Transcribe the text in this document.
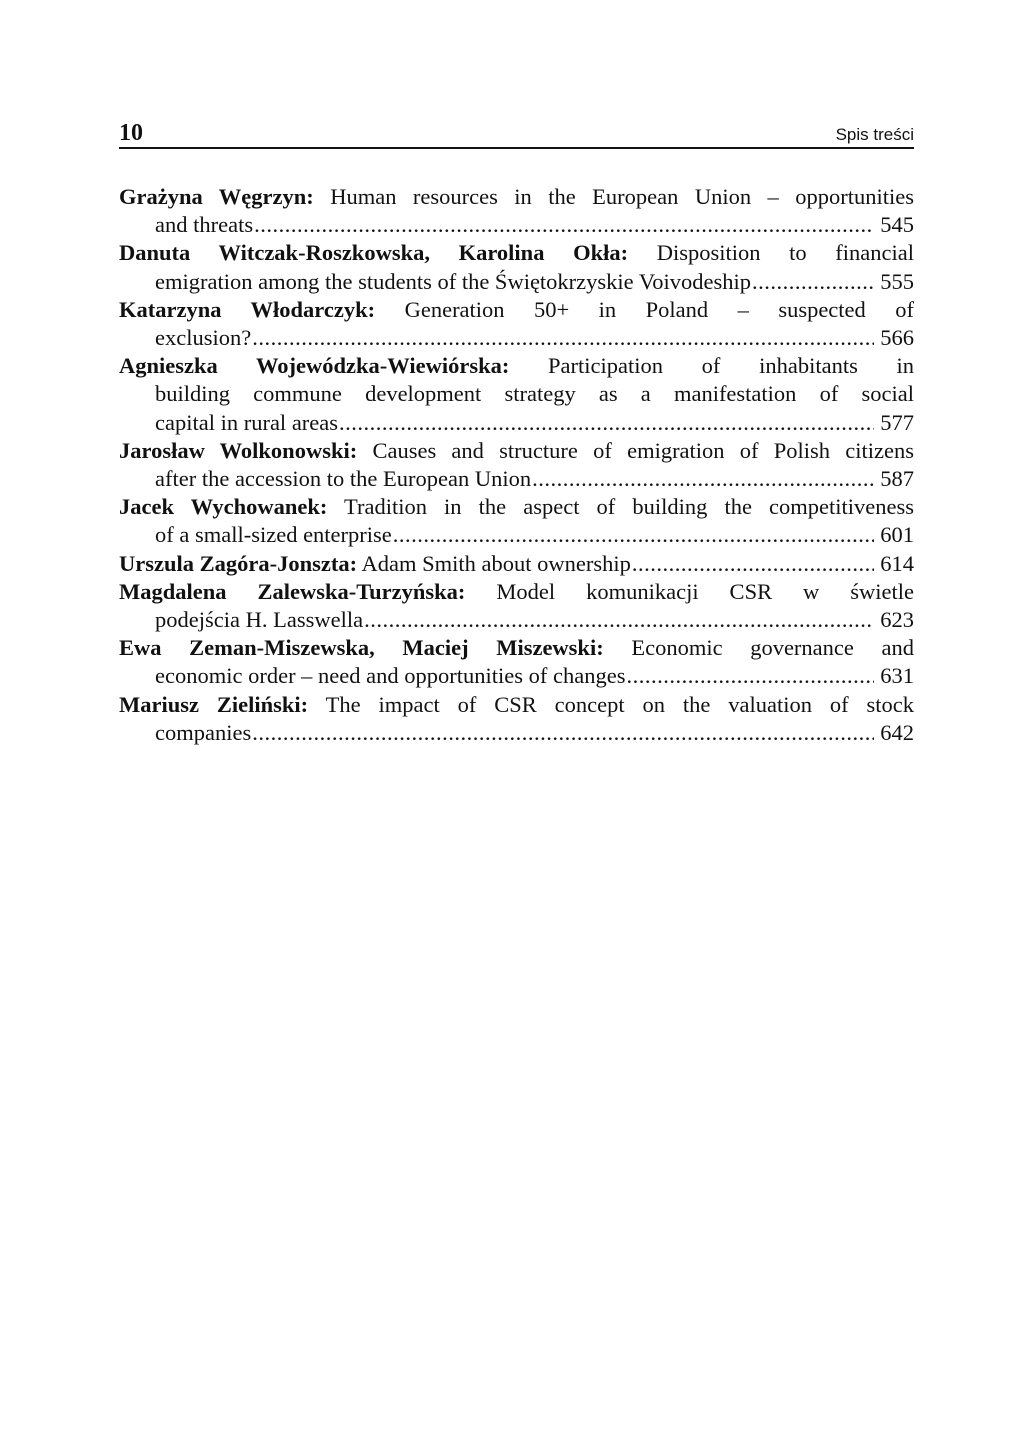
10	Spis treści
Grażyna Węgrzyn: Human resources in the European Union – opportunities
and threats .....	545
Danuta Witczak-Roszkowska, Karolina Okła: Disposition to financial
emigration among the students of the Świętokrzyskie Voivodeship .....	555
Katarzyna Włodarczyk: Generation 50+ in Poland – suspected of
exclusion? .....	566
Agnieszka Wojewódzka-Wiewiórska: Participation of inhabitants in
building commune development strategy as a manifestation of social
capital in rural areas .....	577
Jarosław Wolkonowski: Causes and structure of emigration of Polish citizens
after the accession to the European Union .....	587
Jacek Wychowanek: Tradition in the aspect of building the competitiveness
of a small-sized enterprise .....	601
Urszula Zagóra-Jonszta: Adam Smith about ownership .....	614
Magdalena Zalewska-Turzyńska: Model komunikacji CSR w świetle
podejścia H. Lasswella .....	623
Ewa Zeman-Miszewska, Maciej Miszewski: Economic governance and
economic order – need and opportunities of changes .....	631
Mariusz Zieliński: The impact of CSR concept on the valuation of stock
companies .....	642
